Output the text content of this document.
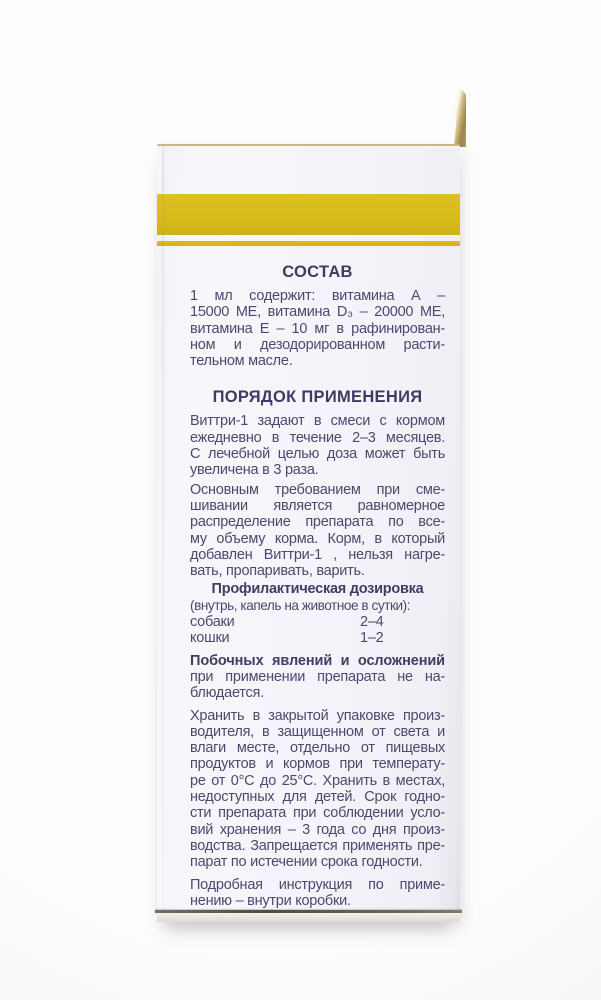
СОСТАВ

1 мл содержит: витамина А –
15000 МЕ, витамина D₃ – 20000 МЕ,
витамина Е – 10 мг в рафинирован-
ном и дезодорированном расти-
тельном масле.

ПОРЯДОК ПРИМЕНЕНИЯ

Виттри-1 задают в смеси с кормом
ежедневно в течение 2–3 месяцев.
С лечебной целью доза может быть
увеличена в 3 раза.

Основным требованием при сме-
шивании является равномерное
распределение препарата по все-
му объему корма. Корм, в который
добавлен Виттри-1 , нельзя нагре-
вать, пропаривать, варить.

Профилактическая дозировка
(внутрь, капель на животное в сутки):
собаки	2–4
кошки	1–2

Побочных явлений и осложнений
при применении препарата не на-
блюдается.

Хранить в закрытой упаковке произ-
водителя, в защищенном от света и
влаги месте, отдельно от пищевых
продуктов и кормов при температу-
ре от 0°С до 25°С. Хранить в местах,
недоступных для детей. Срок годно-
сти препарата при соблюдении усло-
вий хранения – 3 года со дня произ-
водства. Запрещается применять пре-
парат по истечении срока годности.

Подробная инструкция по приме-
нению – внутри коробки.
